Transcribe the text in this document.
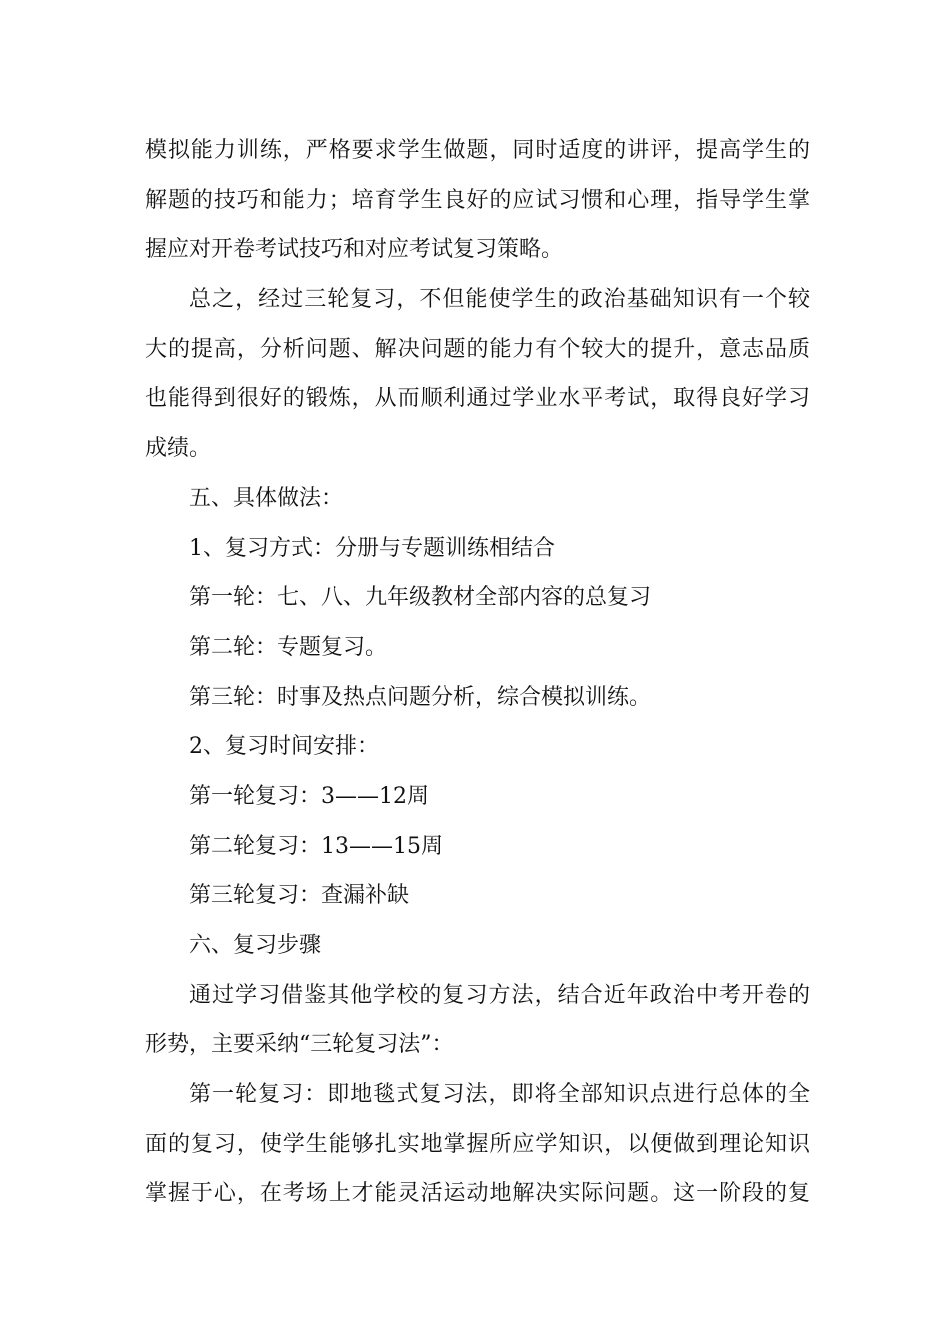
模拟能力训练，严格要求学生做题，同时适度的讲评，提高学生的
解题的技巧和能力；培育学生良好的应试习惯和心理，指导学生掌
握应对开卷考试技巧和对应考试复习策略。
总之，经过三轮复习，不但能使学生的政治基础知识有一个较
大的提高，分析问题、解决问题的能力有个较大的提升，意志品质
也能得到很好的锻炼，从而顺利通过学业水平考试，取得良好学习
成绩。
五、具体做法：
1、复习方式：分册与专题训练相结合
第一轮：七、八、九年级教材全部内容的总复习
第二轮：专题复习。
第三轮：时事及热点问题分析，综合模拟训练。
2、复习时间安排：
第一轮复习：3——12周
第二轮复习：13——15周
第三轮复习：查漏补缺
六、复习步骤
通过学习借鉴其他学校的复习方法，结合近年政治中考开卷的
形势，主要采纳“三轮复习法”：
第一轮复习：即地毯式复习法，即将全部知识点进行总体的全
面的复习，使学生能够扎实地掌握所应学知识，以便做到理论知识
掌握于心，在考场上才能灵活运动地解决实际问题。这一阶段的复
